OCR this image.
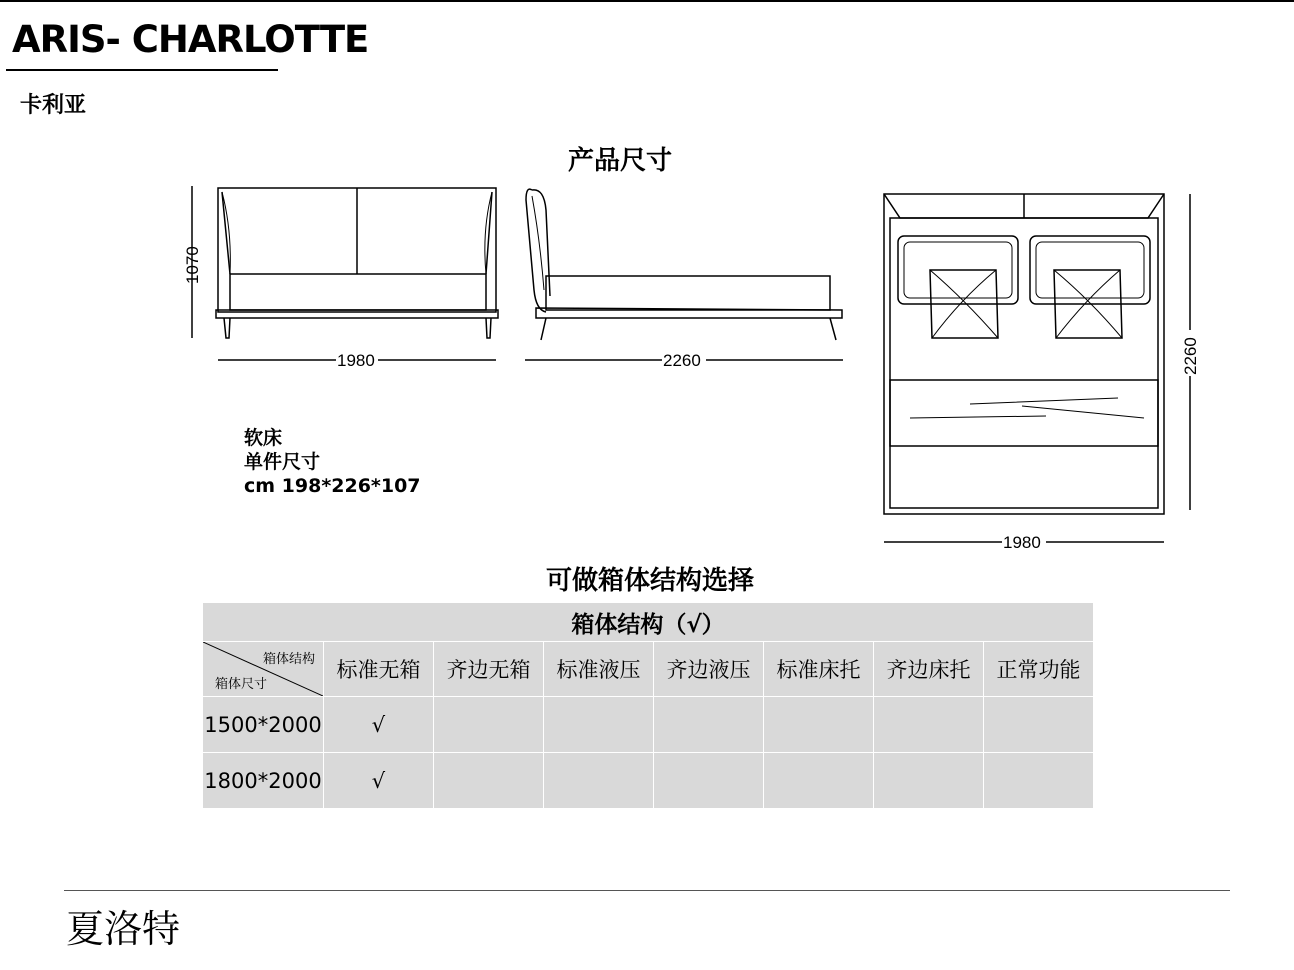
ARIS- CHARLOTTE
卡利亚
产品尺寸
1070
1980	2260	2260
1980
软床
单件尺寸
cm 198*226*107
可做箱体结构选择
箱体结构（√）							

箱体结构
箱体尺寸	标准无箱	齐边无箱	标准液压	齐边液压	标准床托	齐边床托	正常功能
1500*2000	√						
1800*2000	√						
夏洛特
